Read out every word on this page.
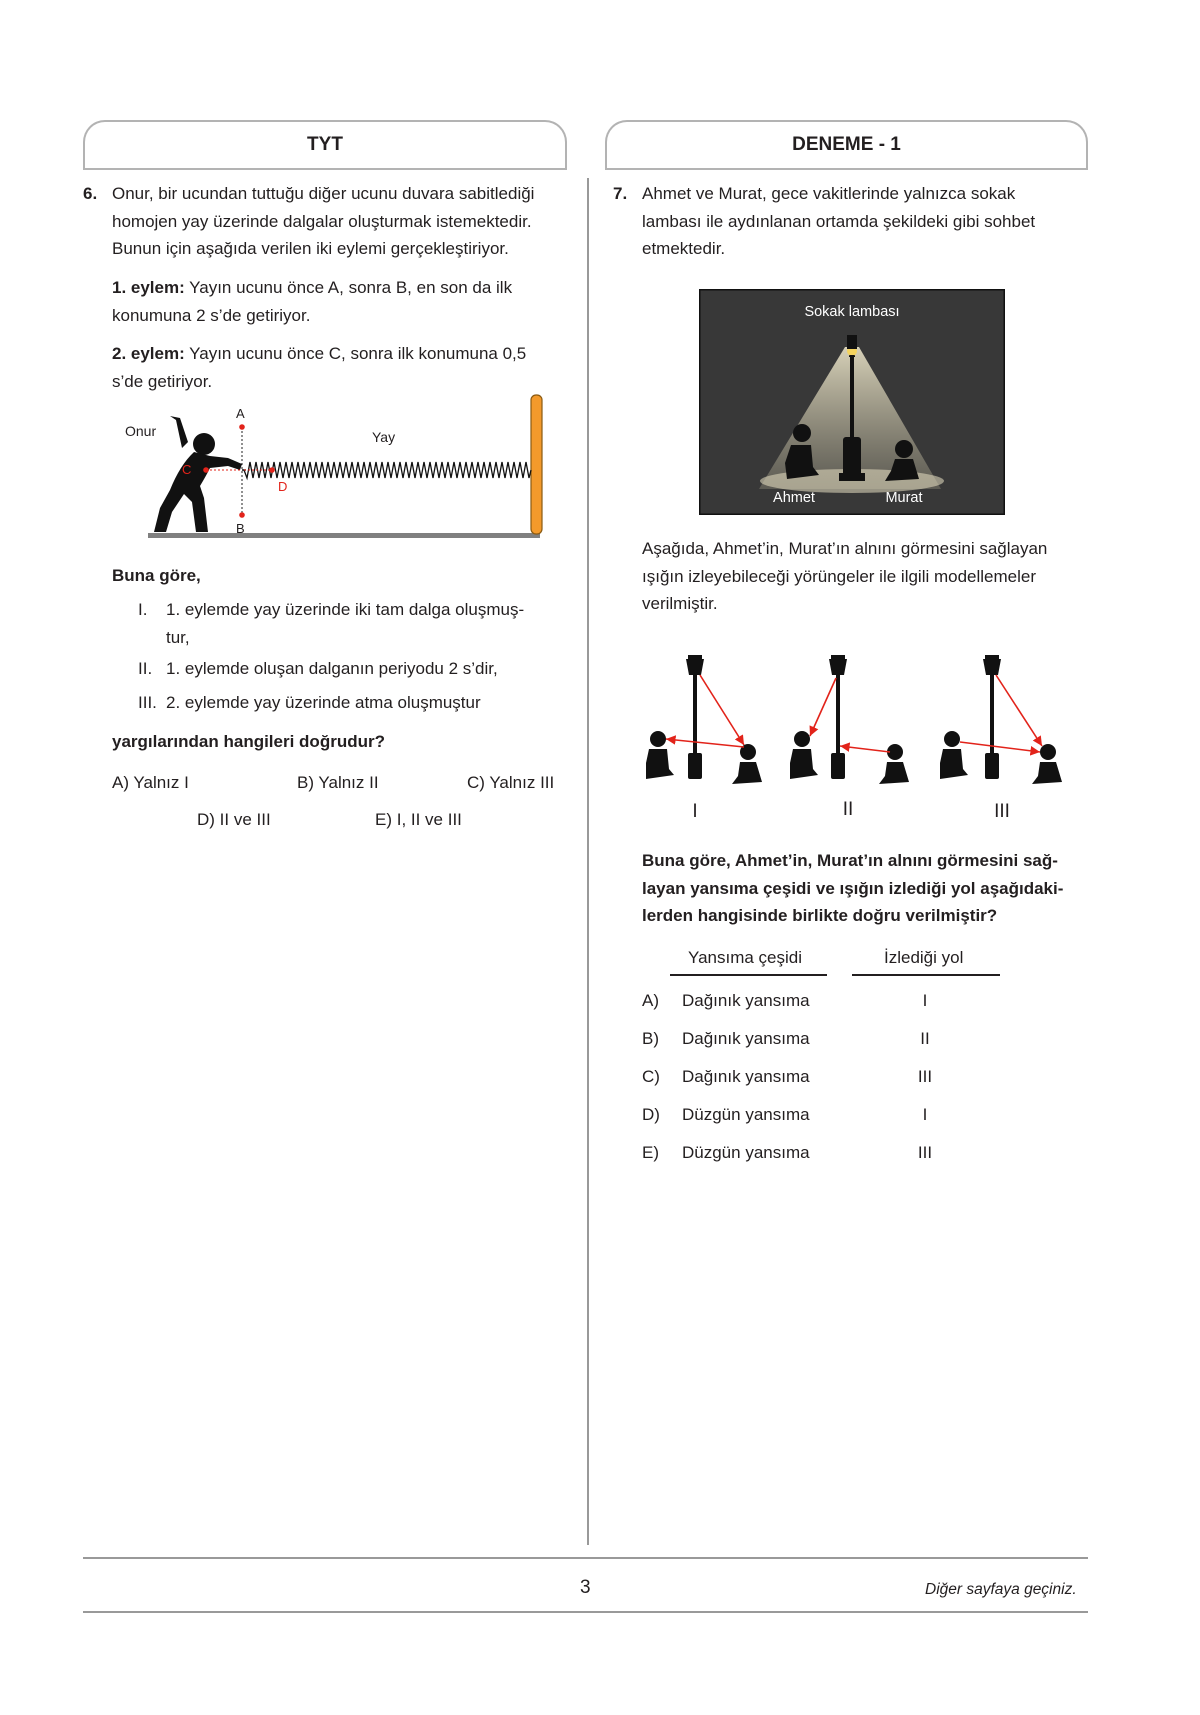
TYT	DENEME - 1
6. Onur, bir ucundan tuttuğu diğer ucunu duvara sabitlediği
homojen yay üzerinde dalgalar oluşturmak istemektedir.
Bunun için aşağıda verilen iki eylemi gerçekleştiriyor.
1. eylem: Yayın ucunu önce A, sonra B, en son da ilk
konumuna 2 s’de getiriyor.
2. eylem: Yayın ucunu önce C, sonra ilk konumuna 0,5
s’de getiriyor.
Onur	Yay
A
B
C
D
Buna göre,
I. 1. eylemde yay üzerinde iki tam dalga oluşmuş-
tur,
II. 1. eylemde oluşan dalganın periyodu 2 s’dir,
III. 2. eylemde yay üzerinde atma oluşmuştur
yargılarından hangileri doğrudur?
A) Yalnız I	B) Yalnız II	C) Yalnız III
D) II ve III	E) I, II ve III
7. Ahmet ve Murat, gece vakitlerinde yalnızca sokak
lambası ile aydınlanan ortamda şekildeki gibi sohbet
etmektedir.
Sokak lambası
Ahmet	Murat
Aşağıda, Ahmet’in, Murat’ın alnını görmesini sağlayan
ışığın izleyebileceği yörüngeler ile ilgili modellemeler
verilmiştir.
I	II	III
Buna göre, Ahmet’in, Murat’ın alnını görmesini sağ-
layan yansıma çeşidi ve ışığın izlediği yol aşağıdaki-
lerden hangisinde birlikte doğru verilmiştir?
Yansıma çeşidi	İzlediği yol
A)	Dağınık yansıma	I
B)	Dağınık yansıma	II
C)	Dağınık yansıma	III
D)	Düzgün yansıma	I
E)	Düzgün yansıma	III
3	Diğer sayfaya geçiniz.
